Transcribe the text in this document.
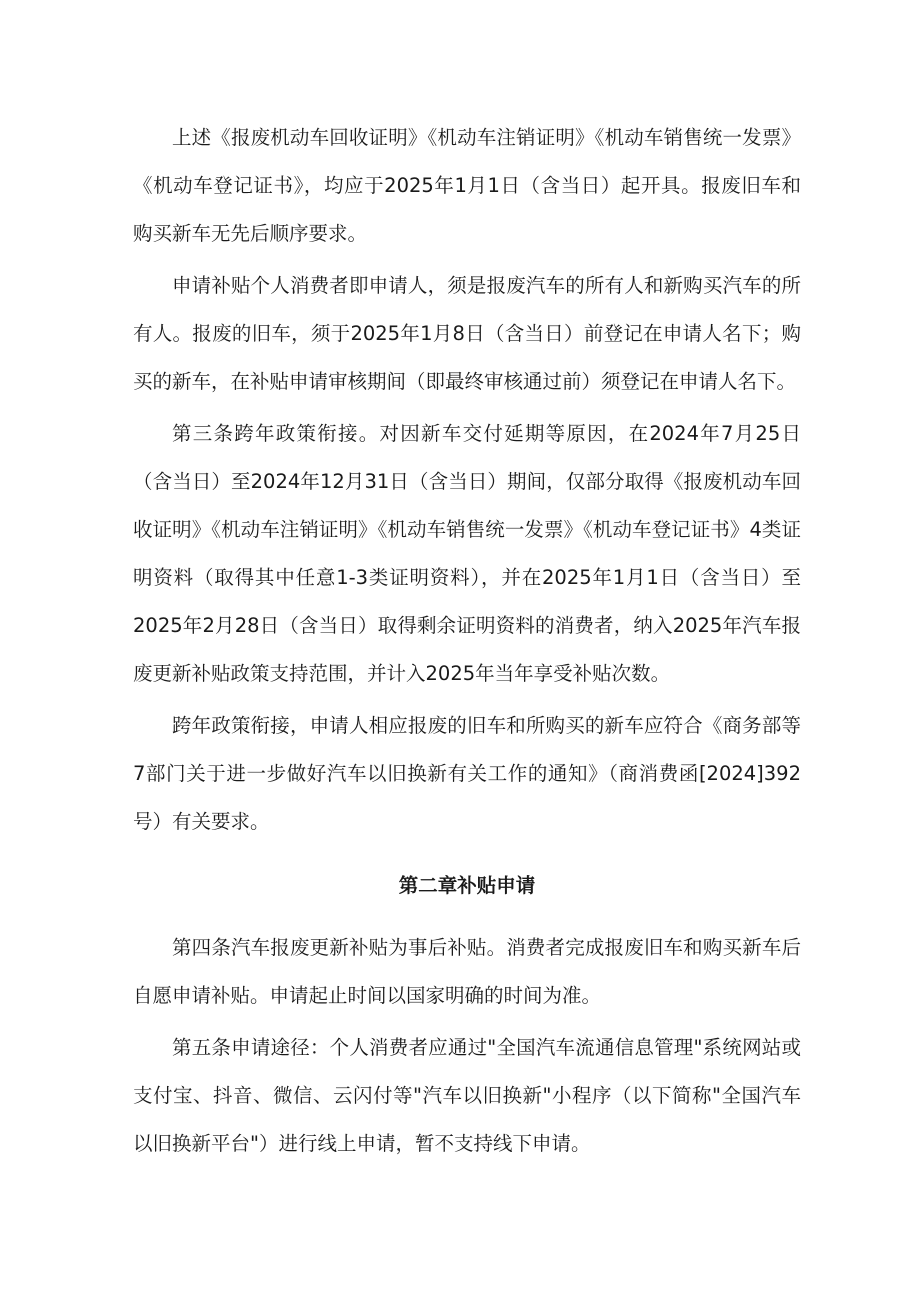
上述《报废机动车回收证明》《机动车注销证明》《机动车销售统一发票》《机动车登记证书》，均应于2025年1月1日（含当日）起开具。报废旧车和购买新车无先后顺序要求。

申请补贴个人消费者即申请人，须是报废汽车的所有人和新购买汽车的所有人。报废的旧车，须于2025年1月8日（含当日）前登记在申请人名下；购买的新车，在补贴申请审核期间（即最终审核通过前）须登记在申请人名下。

第三条跨年政策衔接。对因新车交付延期等原因，在2024年7月25日（含当日）至2024年12月31日（含当日）期间，仅部分取得《报废机动车回收证明》《机动车注销证明》《机动车销售统一发票》《机动车登记证书》4类证明资料（取得其中任意1-3类证明资料），并在2025年1月1日（含当日）至2025年2月28日（含当日）取得剩余证明资料的消费者，纳入2025年汽车报废更新补贴政策支持范围，并计入2025年当年享受补贴次数。

跨年政策衔接，申请人相应报废的旧车和所购买的新车应符合《商务部等7部门关于进一步做好汽车以旧换新有关工作的通知》（商消费函[2024]392号）有关要求。

第二章补贴申请

第四条汽车报废更新补贴为事后补贴。消费者完成报废旧车和购买新车后自愿申请补贴。申请起止时间以国家明确的时间为准。

第五条申请途径：个人消费者应通过"全国汽车流通信息管理"系统网站或支付宝、抖音、微信、云闪付等"汽车以旧换新"小程序（以下简称"全国汽车以旧换新平台"）进行线上申请，暂不支持线下申请。
